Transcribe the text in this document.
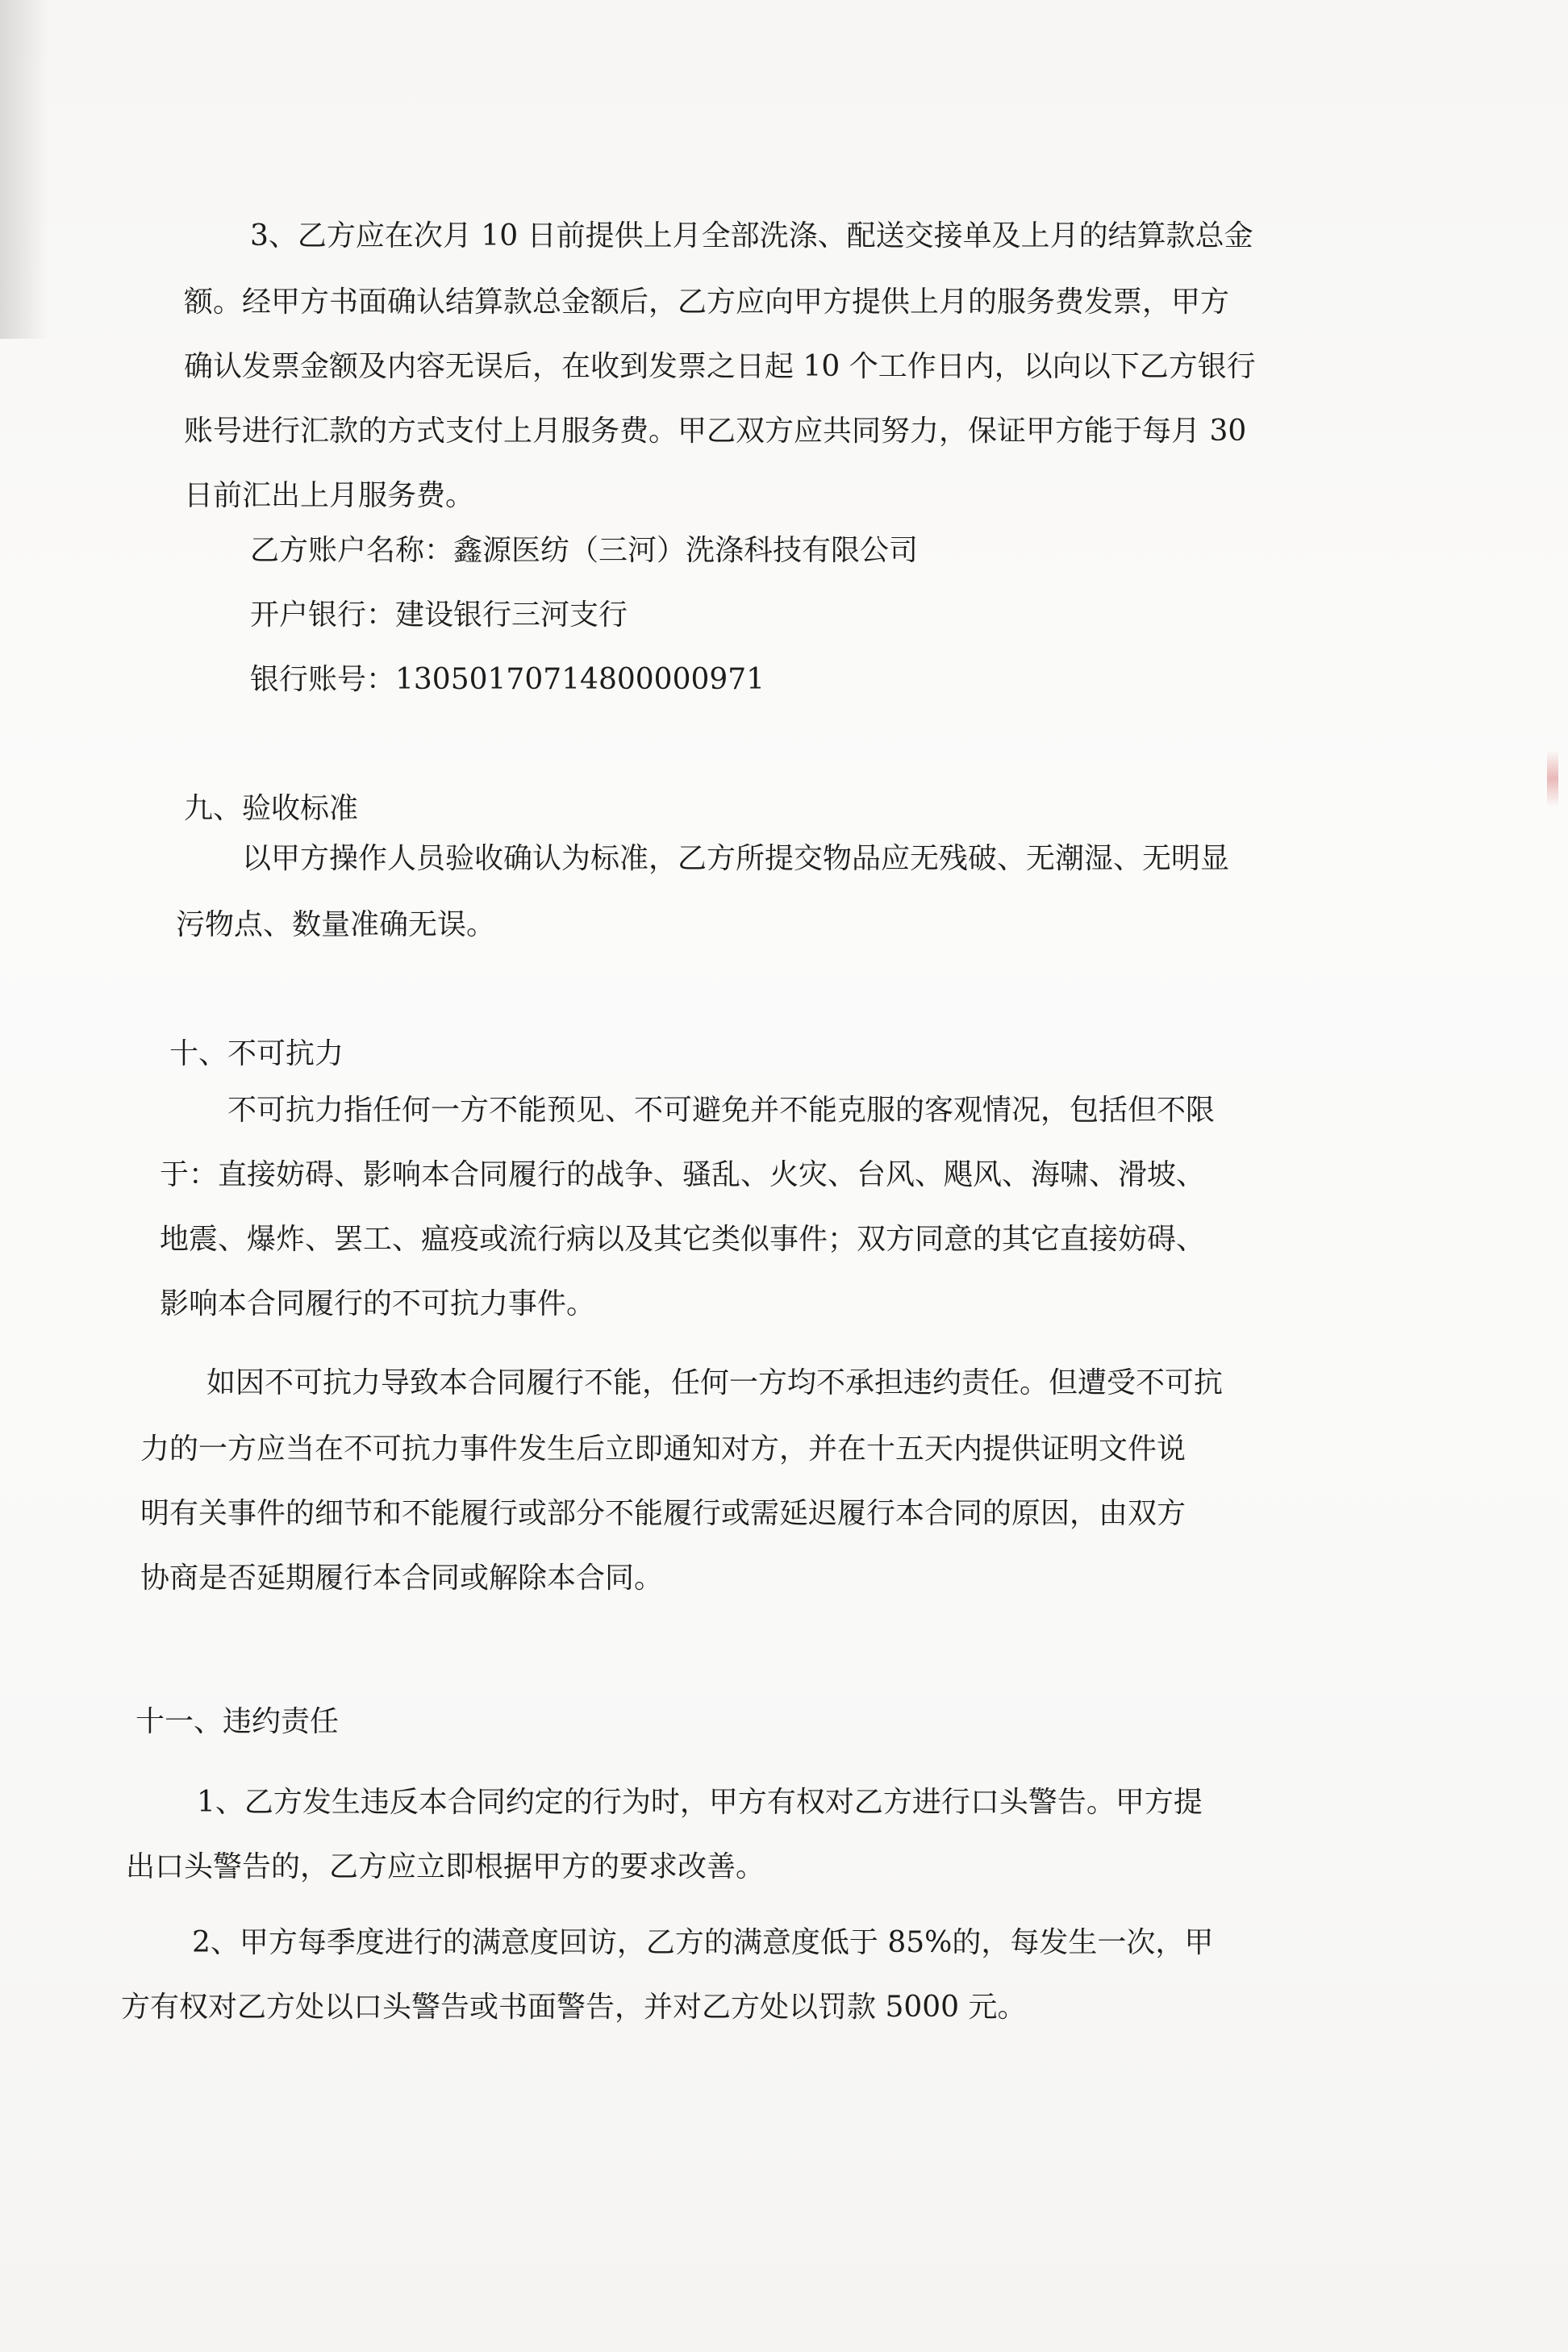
3、乙方应在次月 10 日前提供上月全部洗涤、配送交接单及上月的结算款总金

额。经甲方书面确认结算款总金额后，乙方应向甲方提供上月的服务费发票，甲方

确认发票金额及内容无误后，在收到发票之日起 10 个工作日内，以向以下乙方银行

账号进行汇款的方式支付上月服务费。甲乙双方应共同努力，保证甲方能于每月 30

日前汇出上月服务费。

乙方账户名称：鑫源医纺（三河）洗涤科技有限公司

开户银行：建设银行三河支行

银行账号：13050170714800000971

九、验收标准

以甲方操作人员验收确认为标准，乙方所提交物品应无残破、无潮湿、无明显

污物点、数量准确无误。

十、不可抗力

不可抗力指任何一方不能预见、不可避免并不能克服的客观情况，包括但不限

于：直接妨碍、影响本合同履行的战争、骚乱、火灾、台风、飓风、海啸、滑坡、

地震、爆炸、罢工、瘟疫或流行病以及其它类似事件；双方同意的其它直接妨碍、

影响本合同履行的不可抗力事件。

如因不可抗力导致本合同履行不能，任何一方均不承担违约责任。但遭受不可抗

力的一方应当在不可抗力事件发生后立即通知对方，并在十五天内提供证明文件说

明有关事件的细节和不能履行或部分不能履行或需延迟履行本合同的原因，由双方

协商是否延期履行本合同或解除本合同。

十一、违约责任

1、乙方发生违反本合同约定的行为时，甲方有权对乙方进行口头警告。甲方提

出口头警告的，乙方应立即根据甲方的要求改善。

2、甲方每季度进行的满意度回访，乙方的满意度低于 85%的，每发生一次，甲

方有权对乙方处以口头警告或书面警告，并对乙方处以罚款 5000 元。
